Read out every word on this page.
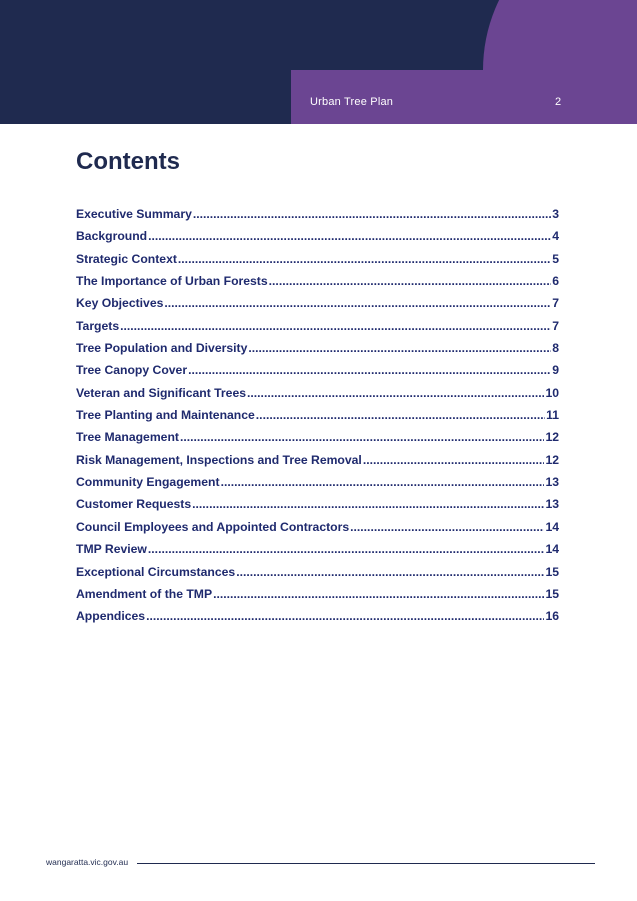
Urban Tree Plan	2
Contents
Executive Summary .....	3
Background .....	4
Strategic Context .....	5
The Importance of Urban Forests .....	6
Key Objectives .....	7
Targets .....	7
Tree Population and Diversity .....	8
Tree Canopy Cover .....	9
Veteran and Significant Trees .....	10
Tree Planting and Maintenance .....	11
Tree Management .....	12
Risk Management, Inspections and Tree Removal .....	12
Community Engagement .....	13
Customer Requests .....	13
Council Employees and Appointed Contractors .....	14
TMP Review .....	14
Exceptional Circumstances .....	15
Amendment of the TMP .....	15
Appendices .....	16
wangaratta.vic.gov.au
